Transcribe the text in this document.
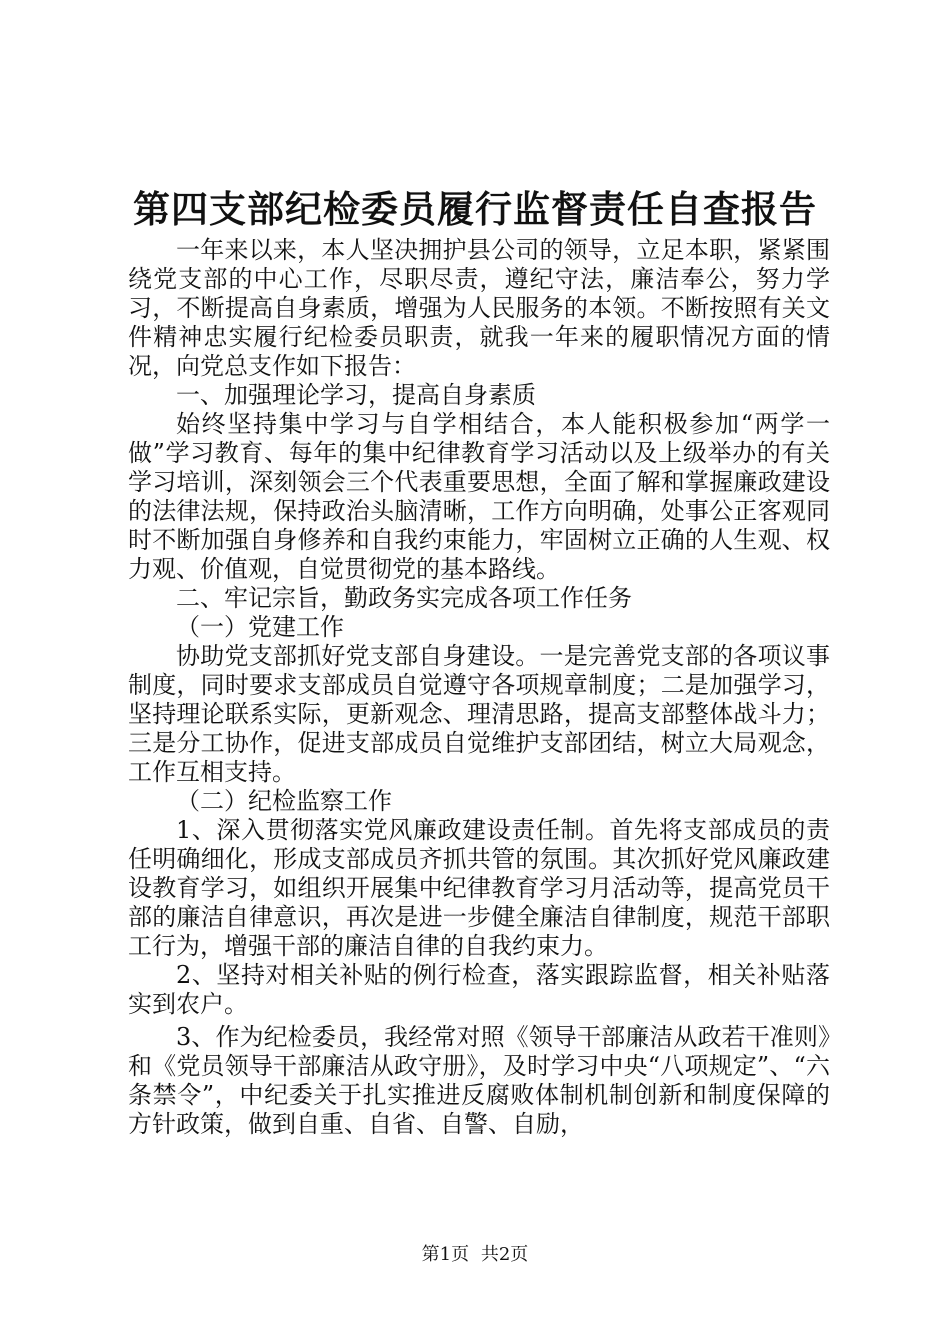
第四支部纪检委员履行监督责任自查报告

一年来以来，本人坚决拥护县公司的领导，立足本职，紧紧围绕党支部的中心工作，尽职尽责，遵纪守法，廉洁奉公，努力学习，不断提高自身素质，增强为人民服务的本领。不断按照有关文件精神忠实履行纪检委员职责，就我一年来的履职情况方面的情况，向党总支作如下报告：

一、加强理论学习，提高自身素质

始终坚持集中学习与自学相结合，本人能积极参加“两学一做”学习教育、每年的集中纪律教育学习活动以及上级举办的有关学习培训，深刻领会三个代表重要思想，全面了解和掌握廉政建设的法律法规，保持政治头脑清晰，工作方向明确，处事公正客观同时不断加强自身修养和自我约束能力，牢固树立正确的人生观、权力观、价值观，自觉贯彻党的基本路线。

二、牢记宗旨，勤政务实完成各项工作任务

（一）党建工作

协助党支部抓好党支部自身建设。一是完善党支部的各项议事制度，同时要求支部成员自觉遵守各项规章制度；二是加强学习，坚持理论联系实际，更新观念、理清思路，提高支部整体战斗力；三是分工协作，促进支部成员自觉维护支部团结，树立大局观念，工作互相支持。

（二）纪检监察工作

1、深入贯彻落实党风廉政建设责任制。首先将支部成员的责任明确细化，形成支部成员齐抓共管的氛围。其次抓好党风廉政建设教育学习，如组织开展集中纪律教育学习月活动等，提高党员干部的廉洁自律意识，再次是进一步健全廉洁自律制度，规范干部职工行为，增强干部的廉洁自律的自我约束力。

2、坚持对相关补贴的例行检查，落实跟踪监督，相关补贴落实到农户。

3、作为纪检委员，我经常对照《领导干部廉洁从政若干准则》和《党员领导干部廉洁从政守册》，及时学习中央“八项规定”、“六条禁令”，中纪委关于扎实推进反腐败体制机制创新和制度保障的方针政策，做到自重、自省、自警、自励，

第1页 共2页
